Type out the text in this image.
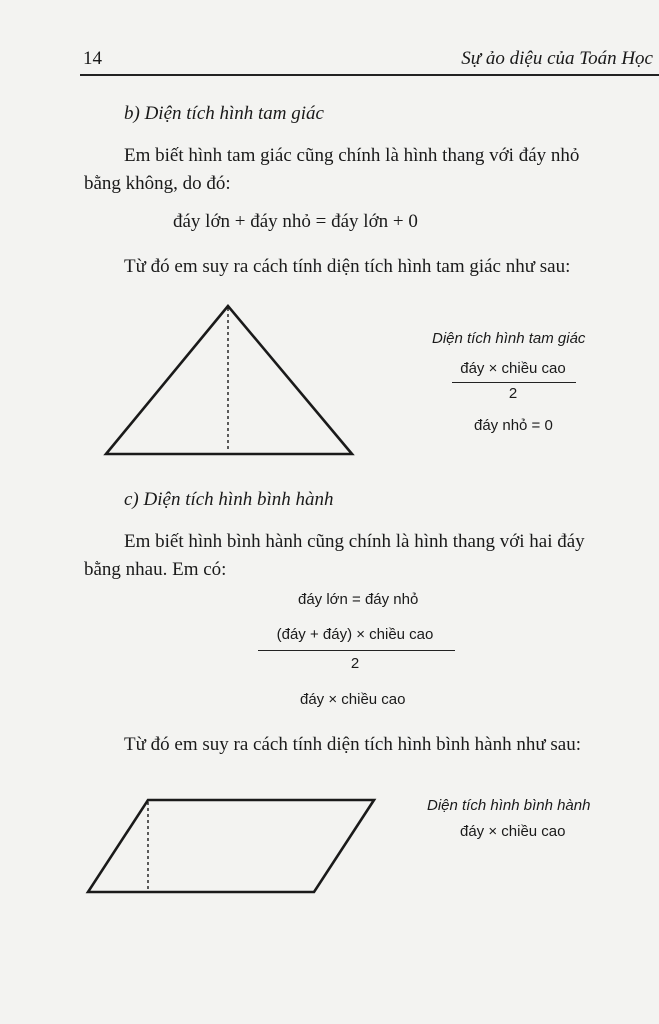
14	Sự ảo diệu của Toán Học
b) Diện tích hình tam giác
Em biết hình tam giác cũng chính là hình thang với đáy nhỏ
bằng không, do đó:
đáy lớn + đáy nhỏ = đáy lớn + 0
Từ đó em suy ra cách tính diện tích hình tam giác như sau:
Diện tích hình tam giác
đáy × chiều cao
2
đáy nhỏ = 0
c) Diện tích hình bình hành
Em biết hình bình hành cũng chính là hình thang với hai đáy
bằng nhau. Em có:
đáy lớn = đáy nhỏ
(đáy + đáy) × chiều cao
2
đáy × chiều cao
Từ đó em suy ra cách tính diện tích hình bình hành như sau:
Diện tích hình bình hành
đáy × chiều cao
